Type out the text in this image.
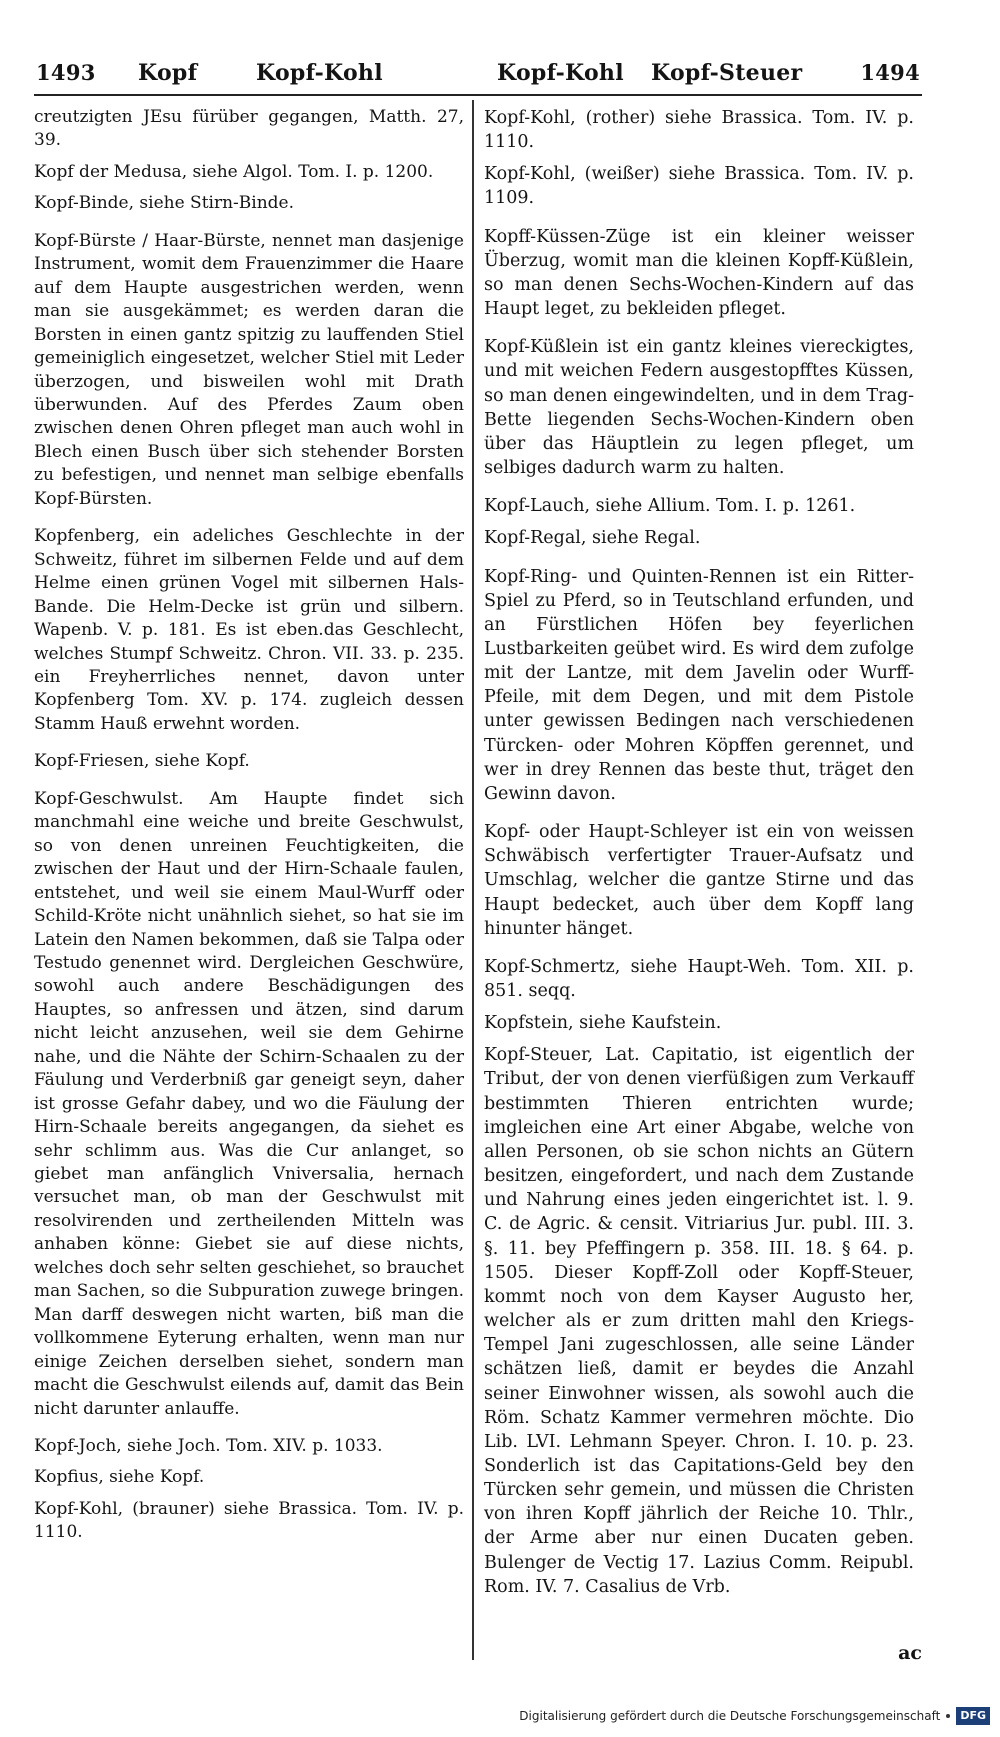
1493 Kopf	Kopf-Kohl	Kopf-Kohl Kopf-Steuer	1494

creutzigten JEsu fürüber gegangen, Matth. 27, 39.

Kopf der Medusa, siehe Algol. Tom. I. p. 1200.

Kopf-Binde, siehe Stirn-Binde.

Kopf-Bürste / Haar-Bürste, nennet man dasjenige Instrument, womit dem Frauenzimmer die Haare auf dem Haupte ausgestrichen werden, wenn man sie ausgekämmet; es werden daran die Borsten in einen gantz spitzig zu lauffenden Stiel gemeiniglich eingesetzet, welcher Stiel mit Leder überzogen, und bisweilen wohl mit Drath überwunden. Auf des Pferdes Zaum oben zwischen denen Ohren pfleget man auch wohl in Blech einen Busch über sich stehender Borsten zu befestigen, und nennet man selbige ebenfalls Kopf-Bürsten.

Kopfenberg, ein adeliches Geschlechte in der Schweitz, führet im silbernen Felde und auf dem Helme einen grünen Vogel mit silbernen Hals-Bande. Die Helm-Decke ist grün und silbern. Wapenb. V. p. 181. Es ist eben.das Geschlecht, welches Stumpf Schweitz. Chron. VII. 33. p. 235. ein Freyherrliches nennet, davon unter Kopfenberg Tom. XV. p. 174. zugleich dessen Stamm Hauß erwehnt worden.

Kopf-Friesen, siehe Kopf.

Kopf-Geschwulst. Am Haupte findet sich manchmahl eine weiche und breite Geschwulst, so von denen unreinen Feuchtigkeiten, die zwischen der Haut und der Hirn-Schaale faulen, entstehet, und weil sie einem Maul-Wurff oder Schild-Kröte nicht unähnlich siehet, so hat sie im Latein den Namen bekommen, daß sie Talpa oder Testudo genennet wird. Dergleichen Geschwüre, sowohl auch andere Beschädigungen des Hauptes, so anfressen und ätzen, sind darum nicht leicht anzusehen, weil sie dem Gehirne nahe, und die Nähte der Schirn-Schaalen zu der Fäulung und Verderbniß gar geneigt seyn, daher ist grosse Gefahr dabey, und wo die Fäulung der Hirn-Schaale bereits angegangen, da siehet es sehr schlimm aus. Was die Cur anlanget, so giebet man anfänglich Vniversalia, hernach versuchet man, ob man der Geschwulst mit resolvirenden und zertheilenden Mitteln was anhaben könne: Giebet sie auf diese nichts, welches doch sehr selten geschiehet, so brauchet man Sachen, so die Subpuration zuwege bringen. Man darff deswegen nicht warten, biß man die vollkommene Eyterung erhalten, wenn man nur einige Zeichen derselben siehet, sondern man macht die Geschwulst eilends auf, damit das Bein nicht darunter anlauffe.

Kopf-Joch, siehe Joch. Tom. XIV. p. 1033.

Kopfius, siehe Kopf.

Kopf-Kohl, (brauner) siehe Brassica. Tom. IV. p. 1110.

Kopf-Kohl, (rother) siehe Brassica. Tom. IV. p. 1110.

Kopf-Kohl, (weißer) siehe Brassica. Tom. IV. p. 1109.

Kopff-Küssen-Züge ist ein kleiner weisser Überzug, womit man die kleinen Kopff-Küßlein, so man denen Sechs-Wochen-Kindern auf das Haupt leget, zu bekleiden pfleget.

Kopf-Küßlein ist ein gantz kleines viereckigtes, und mit weichen Federn ausgestopfftes Küssen, so man denen eingewindelten, und in dem Trag-Bette liegenden Sechs-Wochen-Kindern oben über das Häuptlein zu legen pfleget, um selbiges dadurch warm zu halten.

Kopf-Lauch, siehe Allium. Tom. I. p. 1261.

Kopf-Regal, siehe Regal.

Kopf-Ring- und Quinten-Rennen ist ein Ritter-Spiel zu Pferd, so in Teutschland erfunden, und an Fürstlichen Höfen bey feyerlichen Lustbarkeiten geübet wird. Es wird dem zufolge mit der Lantze, mit dem Javelin oder Wurff-Pfeile, mit dem Degen, und mit dem Pistole unter gewissen Bedingen nach verschiedenen Türcken- oder Mohren Köpffen gerennet, und wer in drey Rennen das beste thut, träget den Gewinn davon.

Kopf- oder Haupt-Schleyer ist ein von weissen Schwäbisch verfertigter Trauer-Aufsatz und Umschlag, welcher die gantze Stirne und das Haupt bedecket, auch über dem Kopff lang hinunter hänget.

Kopf-Schmertz, siehe Haupt-Weh. Tom. XII. p. 851. seqq.

Kopfstein, siehe Kaufstein.

Kopf-Steuer, Lat. Capitatio, ist eigentlich der Tribut, der von denen vierfüßigen zum Verkauff bestimmten Thieren entrichten wurde; imgleichen eine Art einer Abgabe, welche von allen Personen, ob sie schon nichts an Gütern besitzen, eingefordert, und nach dem Zustande und Nahrung eines jeden eingerichtet ist. l. 9. C. de Agric. & censit. Vitriarius Jur. publ. III. 3. §. 11. bey Pfeffingern p. 358. III. 18. § 64. p. 1505. Dieser Kopff-Zoll oder Kopff-Steuer, kommt noch von dem Kayser Augusto her, welcher als er zum dritten mahl den Kriegs-Tempel Jani zugeschlossen, alle seine Länder schätzen ließ, damit er beydes die Anzahl seiner Einwohner wissen, als sowohl auch die Röm. Schatz Kammer vermehren möchte. Dio Lib. LVI. Lehmann Speyer. Chron. I. 10. p. 23. Sonderlich ist das Capitations-Geld bey den Türcken sehr gemein, und müssen die Christen von ihren Kopff jährlich der Reiche 10. Thlr., der Arme aber nur einen Ducaten geben. Bulenger de Vectig 17. Lazius Comm. Reipubl. Rom. IV. 7. Casalius de Vrb.

ac
Digitalisierung gefördert durch die Deutsche Forschungsgemeinschaft	DFG
